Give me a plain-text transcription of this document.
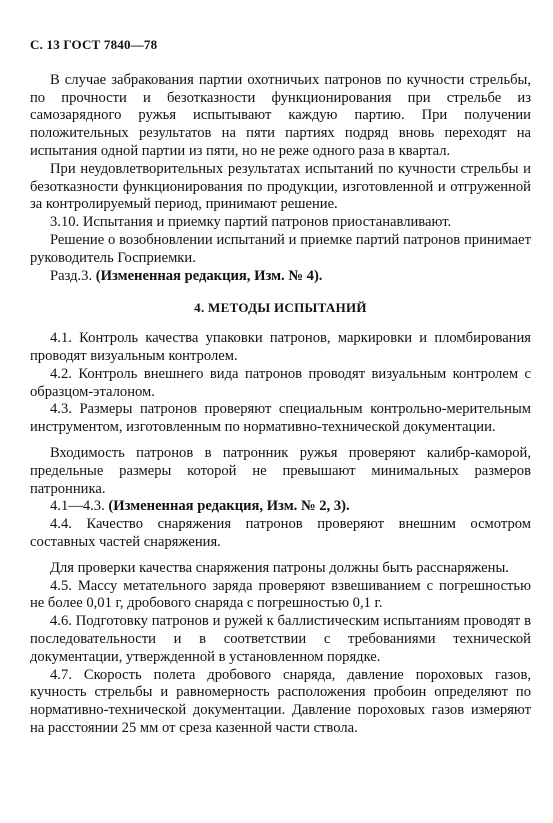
С. 13 ГОСТ 7840—78

В случае забракования партии охотничьих патронов по кучности стрельбы, по прочности и безотказности функционирования при стрельбе из самозарядного ружья испытывают каждую партию. При получении положительных результатов на пяти партиях подряд вновь переходят на испытания одной партии из пяти, но не реже одного раза в квартал.

При неудовлетворительных результатах испытаний по кучности стрельбы и безотказности функционирования по продукции, изготовленной и отгруженной за контролируемый период, принимают решение.

3.10. Испытания и приемку партий патронов приостанавливают.

Решение о возобновлении испытаний и приемке партий патронов принимает руководитель Госприемки.

Разд.3. (Измененная редакция, Изм. № 4).

4. МЕТОДЫ ИСПЫТАНИЙ

4.1. Контроль качества упаковки патронов, маркировки и пломбирования проводят визуальным контролем.

4.2. Контроль внешнего вида патронов проводят визуальным контролем с образцом-эталоном.

4.3. Размеры патронов проверяют специальным контрольно-мерительным инструментом, изготовленным по нормативно-технической документации.

Входимость патронов в патронник ружья проверяют калибр-каморой, предельные размеры которой не превышают минимальных размеров патронника.

4.1—4.3. (Измененная редакция, Изм. № 2, 3).

4.4. Качество снаряжения патронов проверяют внешним осмотром составных частей снаряжения.

Для проверки качества снаряжения патроны должны быть расснаряжены.

4.5. Массу метательного заряда проверяют взвешиванием с погрешностью не более 0,01 г, дробового снаряда с погрешностью 0,1 г.

4.6. Подготовку патронов и ружей к баллистическим испытаниям проводят в последовательности и в соответствии с требованиями технической документации, утвержденной в установленном порядке.

4.7. Скорость полета дробового снаряда, давление пороховых газов, кучность стрельбы и равномерность расположения пробоин определяют по нормативно-технической документации. Давление пороховых газов измеряют на расстоянии 25 мм от среза казенной части ствола.
